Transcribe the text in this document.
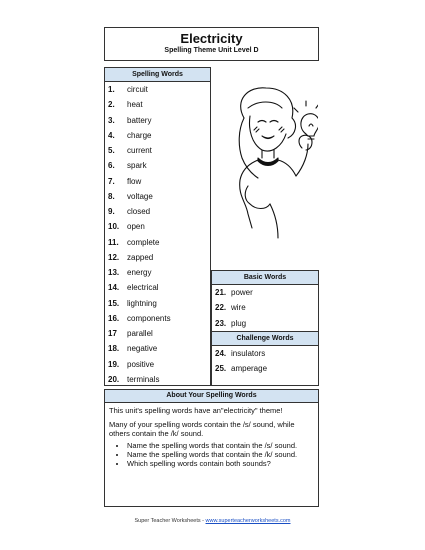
Electricity
Spelling Theme Unit Level D
Spelling Words
1. circuit
2. heat
3. battery
4. charge
5. current
6. spark
7. flow
8. voltage
9. closed
10. open
11. complete
12. zapped
13. energy
14. electrical
15. lightning
16. components
17 parallel
18. negative
19. positive
20. terminals
Basic Words
21. power
22. wire
23. plug
Challenge Words
24. insulators
25. amperage
About Your Spelling Words

This unit's spelling words have an"electricity" theme!

Many of your spelling words contain the /s/ sound, while others contain the /k/ sound.

• Name the spelling words that contain the /s/ sound.
• Name the spelling words that contain the /k/ sound.
• Which spelling words contain both sounds?
Super Teacher Worksheets - www.superteacherworksheets.com
